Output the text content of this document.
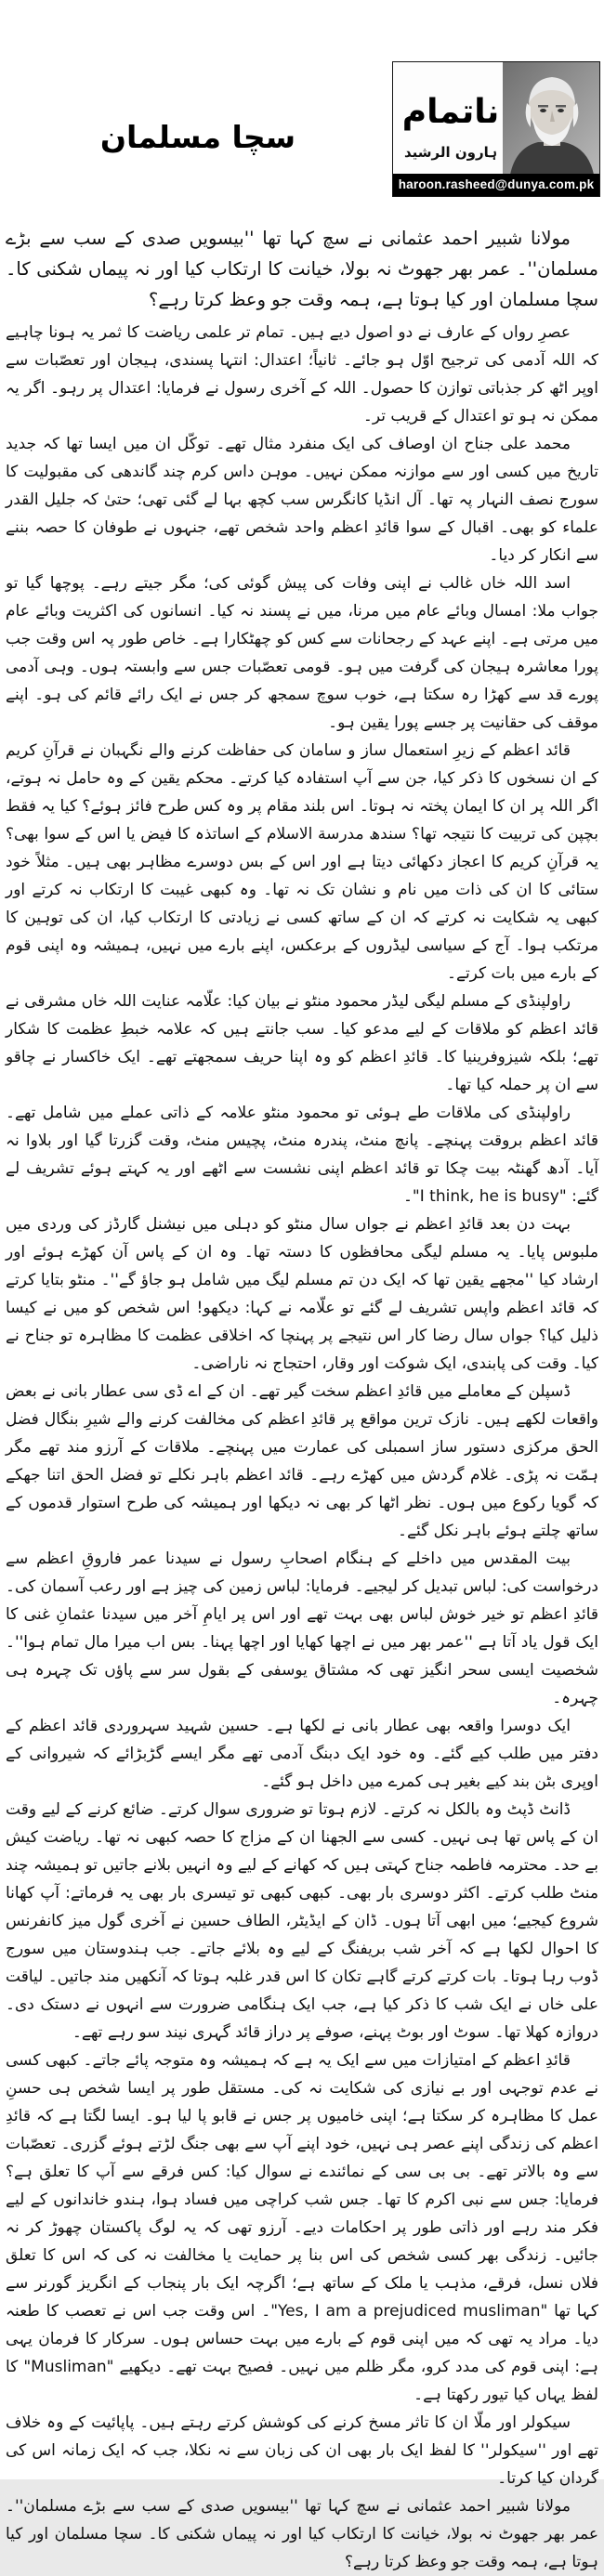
ناتمام
ہارون الرشید
haroon.rasheed@dunya.com.pk
سچا مسلمان

مولانا شبیر احمد عثمانی نے سچ کہا تھا ''بیسویں صدی کے سب سے بڑے مسلمان''۔ عمر بھر جھوٹ نہ بولا، خیانت کا ارتکاب کیا اور نہ پیماں شکنی کا۔ سچا مسلمان اور کیا ہوتا ہے، ہمہ وقت جو وعظ کرتا رہے؟

عصرِ رواں کے عارف نے دو اصول دیے ہیں۔ تمام تر علمی ریاضت کا ثمر یہ ہونا چاہیے کہ اللہ آدمی کی ترجیح اوّل ہو جائے۔ ثانیاً؛ اعتدال: انتہا پسندی، ہیجان اور تعصّبات سے اوپر اٹھ کر جذباتی توازن کا حصول۔ اللہ کے آخری رسول نے فرمایا: اعتدال پر رہو۔ اگر یہ ممکن نہ ہو تو اعتدال کے قریب تر۔

محمد علی جناح ان اوصاف کی ایک منفرد مثال تھے۔ توکّل ان میں ایسا تھا کہ جدید تاریخ میں کسی اور سے موازنہ ممکن نہیں۔ موہن داس کرم چند گاندھی کی مقبولیت کا سورج نصف النہار پہ تھا۔ آل انڈیا کانگرس سب کچھ بہا لے گئی تھی؛ حتیٰ کہ جلیل القدر علماء کو بھی۔ اقبال کے سوا قائدِ اعظم واحد شخص تھے، جنہوں نے طوفان کا حصہ بننے سے انکار کر دیا۔

اسد اللہ خاں غالب نے اپنی وفات کی پیش گوئی کی؛ مگر جیتے رہے۔ پوچھا گیا تو جواب ملا: امسال وبائے عام میں مرنا، میں نے پسند نہ کیا۔ انسانوں کی اکثریت وبائے عام میں مرتی ہے۔ اپنے عہد کے رجحانات سے کس کو چھٹکارا ہے۔ خاص طور پہ اس وقت جب پورا معاشرہ ہیجان کی گرفت میں ہو۔ قومی تعصّبات جس سے وابستہ ہوں۔ وہی آدمی پورے قد سے کھڑا رہ سکتا ہے، خوب سوچ سمجھ کر جس نے ایک رائے قائم کی ہو۔ اپنے موقف کی حقانیت پر جسے پورا یقین ہو۔

قائد اعظم کے زیرِ استعمال ساز و سامان کی حفاظت کرنے والے نگہبان نے قرآنِ کریم کے ان نسخوں کا ذکر کیا، جن سے آپ استفادہ کیا کرتے۔ محکم یقین کے وہ حامل نہ ہوتے، اگر اللہ پر ان کا ایمان پختہ نہ ہوتا۔ اس بلند مقام پر وہ کس طرح فائز ہوئے؟ کیا یہ فقط بچپن کی تربیت کا نتیجہ تھا؟ سندھ مدرسة الاسلام کے اساتذہ کا فیض یا اس کے سوا بھی؟ یہ قرآنِ کریم کا اعجاز دکھائی دیتا ہے اور اس کے بس دوسرے مظاہر بھی ہیں۔ مثلاً خود ستائی کا ان کی ذات میں نام و نشان تک نہ تھا۔ وہ کبھی غیبت کا ارتکاب نہ کرتے اور کبھی یہ شکایت نہ کرتے کہ ان کے ساتھ کسی نے زیادتی کا ارتکاب کیا، ان کی توہین کا مرتکب ہوا۔ آج کے سیاسی لیڈروں کے برعکس، اپنے بارے میں نہیں، ہمیشہ وہ اپنی قوم کے بارے میں بات کرتے۔

راولپنڈی کے مسلم لیگی لیڈر محمود منٹو نے بیان کیا: علّامہ عنایت اللہ خاں مشرقی نے قائد اعظم کو ملاقات کے لیے مدعو کیا۔ سب جانتے ہیں کہ علامہ خبطِ عظمت کا شکار تھے؛ بلکہ شیزوفرینیا کا۔ قائدِ اعظم کو وہ اپنا حریف سمجھتے تھے۔ ایک خاکسار نے چاقو سے ان پر حملہ کیا تھا۔

راولپنڈی کی ملاقات طے ہوئی تو محمود منٹو علامہ کے ذاتی عملے میں شامل تھے۔ قائد اعظم بروقت پہنچے۔ پانچ منٹ، پندرہ منٹ، پچیس منٹ، وقت گزرتا گیا اور بلاوا نہ آیا۔ آدھ گھنٹہ بیت چکا تو قائد اعظم اپنی نشست سے اٹھے اور یہ کہتے ہوئے تشریف لے گئے: "I think, he is busy"۔

بہت دن بعد قائدِ اعظم نے جواں سال منٹو کو دہلی میں نیشنل گارڈز کی وردی میں ملبوس پایا۔ یہ مسلم لیگی محافظوں کا دستہ تھا۔ وہ ان کے پاس آن کھڑے ہوئے اور ارشاد کیا ''مجھے یقین تھا کہ ایک دن تم مسلم لیگ میں شامل ہو جاؤ گے''۔ منٹو بتایا کرتے کہ قائد اعظم واپس تشریف لے گئے تو علّامہ نے کہا: دیکھو! اس شخص کو میں نے کیسا ذلیل کیا؟ جواں سال رضا کار اس نتیجے پر پہنچا کہ اخلاقی عظمت کا مظاہرہ تو جناح نے کیا۔ وقت کی پابندی، ایک شوکت اور وقار، احتجاج نہ ناراضی۔

ڈسپلن کے معاملے میں قائدِ اعظم سخت گیر تھے۔ ان کے اے ڈی سی عطار بانی نے بعض واقعات لکھے ہیں۔ نازک ترین مواقع پر قائدِ اعظم کی مخالفت کرنے والے شیرِ بنگال فضل الحق مرکزی دستور ساز اسمبلی کی عمارت میں پہنچے۔ ملاقات کے آرزو مند تھے مگر ہمّت نہ پڑی۔ غلام گردش میں کھڑے رہے۔ قائد اعظم باہر نکلے تو فضل الحق اتنا جھکے کہ گویا رکوع میں ہوں۔ نظر اٹھا کر بھی نہ دیکھا اور ہمیشہ کی طرح استوار قدموں کے ساتھ چلتے ہوئے باہر نکل گئے۔

بیت المقدس میں داخلے کے ہنگام اصحابِ رسول نے سیدنا عمر فاروقِ اعظم سے درخواست کی: لباس تبدیل کر لیجیے۔ فرمایا: لباس زمین کی چیز ہے اور رعب آسمان کی۔ قائدِ اعظم تو خیر خوش لباس بھی بہت تھے اور اس پر ایامِ آخر میں سیدنا عثمانِ غنی کا ایک قول یاد آتا ہے ''عمر بھر میں نے اچھا کھایا اور اچھا پہنا۔ بس اب میرا مال تمام ہوا''۔ شخصیت ایسی سحر انگیز تھی کہ مشتاق یوسفی کے بقول سر سے پاؤں تک چہرہ ہی چہرہ۔

ایک دوسرا واقعہ بھی عطار بانی نے لکھا ہے۔ حسین شہید سہروردی قائد اعظم کے دفتر میں طلب کیے گئے۔ وہ خود ایک دبنگ آدمی تھے مگر ایسے گڑبڑائے کہ شیروانی کے اوپری بٹن بند کیے بغیر ہی کمرے میں داخل ہو گئے۔

ڈانٹ ڈپٹ وہ بالکل نہ کرتے۔ لازم ہوتا تو ضروری سوال کرتے۔ ضائع کرنے کے لیے وقت ان کے پاس تھا ہی نہیں۔ کسی سے الجھنا ان کے مزاج کا حصہ کبھی نہ تھا۔ ریاضت کیش بے حد۔ محترمہ فاطمہ جناح کہتی ہیں کہ کھانے کے لیے وہ انہیں بلانے جاتیں تو ہمیشہ چند منٹ طلب کرتے۔ اکثر دوسری بار بھی۔ کبھی کبھی تو تیسری بار بھی یہ فرماتے: آپ کھانا شروع کیجیے؛ میں ابھی آتا ہوں۔ ڈان کے ایڈیٹر، الطاف حسین نے آخری گول میز کانفرنس کا احوال لکھا ہے کہ آخر شب بریفنگ کے لیے وہ بلائے جاتے۔ جب ہندوستان میں سورج ڈوب رہا ہوتا۔ بات کرتے کرتے گاہے تکان کا اس قدر غلبہ ہوتا کہ آنکھیں مند جاتیں۔ لیاقت علی خاں نے ایک شب کا ذکر کیا ہے، جب ایک ہنگامی ضرورت سے انہوں نے دستک دی۔ دروازہ کھلا تھا۔ سوٹ اور بوٹ پہنے، صوفے پر دراز قائد گہری نیند سو رہے تھے۔

قائدِ اعظم کے امتیازات میں سے ایک یہ ہے کہ ہمیشہ وہ متوجہ پائے جاتے۔ کبھی کسی نے عدم توجہی اور بے نیازی کی شکایت نہ کی۔ مستقل طور پر ایسا شخص ہی حسنِ عمل کا مظاہرہ کر سکتا ہے؛ اپنی خامیوں پر جس نے قابو پا لیا ہو۔ ایسا لگتا ہے کہ قائدِ اعظم کی زندگی اپنے عصر ہی نہیں، خود اپنے آپ سے بھی جنگ لڑتے ہوئے گزری۔ تعصّبات سے وہ بالاتر تھے۔ بی بی سی کے نمائندے نے سوال کیا: کس فرقے سے آپ کا تعلق ہے؟ فرمایا: جس سے نبی اکرم کا تھا۔ جس شب کراچی میں فساد ہوا، ہندو خاندانوں کے لیے فکر مند رہے اور ذاتی طور پر احکامات دیے۔ آرزو تھی کہ یہ لوگ پاکستان چھوڑ کر نہ جائیں۔ زندگی بھر کسی شخص کی اس بنا پر حمایت یا مخالفت نہ کی کہ اس کا تعلق فلاں نسل، فرقے، مذہب یا ملک کے ساتھ ہے؛ اگرچہ ایک بار پنجاب کے انگریز گورنر سے کہا تھا "Yes, I am a prejudiced musliman"۔ اس وقت جب اس نے تعصب کا طعنہ دیا۔ مراد یہ تھی کہ میں اپنی قوم کے بارے میں بہت حساس ہوں۔ سرکار کا فرمان یہی ہے: اپنی قوم کی مدد کرو، مگر ظلم میں نہیں۔ فصیح بہت تھے۔ دیکھیے "Musliman" کا لفظ یہاں کیا تیور رکھتا ہے۔

سیکولر اور ملّا ان کا تاثر مسخ کرنے کی کوشش کرتے رہتے ہیں۔ پاپائیت کے وہ خلاف تھے اور ''سیکولر'' کا لفظ ایک بار بھی ان کی زبان سے نہ نکلا، جب کہ ایک زمانہ اس کی گردان کیا کرتا۔

مولانا شبیر احمد عثمانی نے سچ کہا تھا ''بیسویں صدی کے سب سے بڑے مسلمان''۔ عمر بھر جھوٹ نہ بولا، خیانت کا ارتکاب کیا اور نہ پیماں شکنی کا۔ سچا مسلمان اور کیا ہوتا ہے، ہمہ وقت جو وعظ کرتا رہے؟
